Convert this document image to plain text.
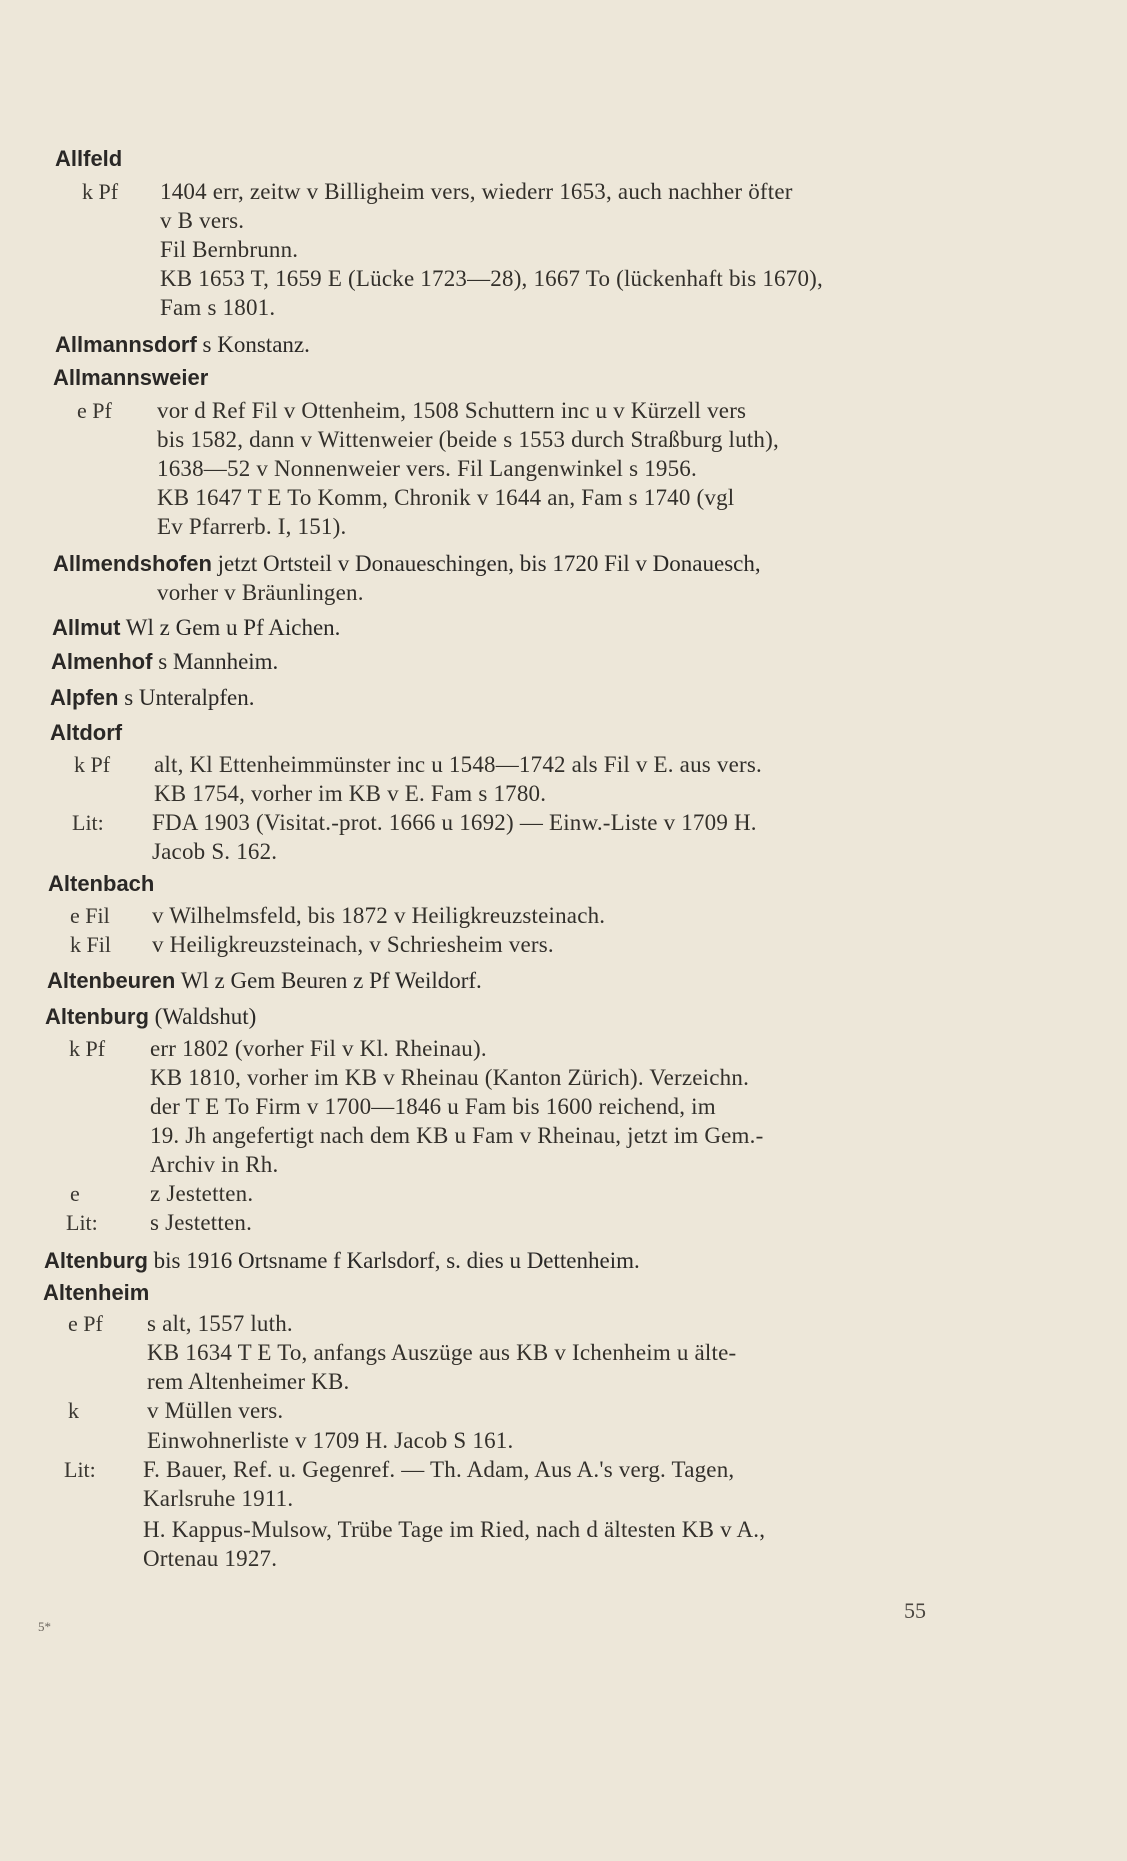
Allfeld
k Pf 1404 err, zeitw v Billigheim vers, wiederr 1653, auch nachher öfter
v B vers.
Fil Bernbrunn.
KB 1653 T, 1659 E (Lücke 1723—28), 1667 To (lückenhaft bis 1670),
Fam s 1801.
Allmannsdorf s Konstanz.
Allmannsweier
e Pf vor d Ref Fil v Ottenheim, 1508 Schuttern inc u v Kürzell vers
bis 1582, dann v Wittenweier (beide s 1553 durch Straßburg luth),
1638—52 v Nonnenweier vers. Fil Langenwinkel s 1956.
KB 1647 T E To Komm, Chronik v 1644 an, Fam s 1740 (vgl
Ev Pfarrerb. I, 151).
Allmendshofen jetzt Ortsteil v Donaueschingen, bis 1720 Fil v Donauesch,
vorher v Bräunlingen.
Allmut Wl z Gem u Pf Aichen.
Almenhof s Mannheim.
Alpfen s Unteralpfen.
Altdorf
k Pf alt, Kl Ettenheimmünster inc u 1548—1742 als Fil v E. aus vers.
KB 1754, vorher im KB v E. Fam s 1780.
Lit: FDA 1903 (Visitat.-prot. 1666 u 1692) — Einw.-Liste v 1709 H.
Jacob S. 162.
Altenbach
e Fil v Wilhelmsfeld, bis 1872 v Heiligkreuzsteinach.
k Fil v Heiligkreuzsteinach, v Schriesheim vers.
Altenbeuren Wl z Gem Beuren z Pf Weildorf.
Altenburg (Waldshut)
k Pf err 1802 (vorher Fil v Kl. Rheinau).
KB 1810, vorher im KB v Rheinau (Kanton Zürich). Verzeichn.
der T E To Firm v 1700—1846 u Fam bis 1600 reichend, im
19. Jh angefertigt nach dem KB u Fam v Rheinau, jetzt im Gem.-
Archiv in Rh.
e	z Jestetten.
Lit: s Jestetten.
Altenburg bis 1916 Ortsname f Karlsdorf, s. dies u Dettenheim.
Altenheim
e Pf s alt, 1557 luth.
KB 1634 T E To, anfangs Auszüge aus KB v Ichenheim u älte-
rem Altenheimer KB.
k	v Müllen vers.
Einwohnerliste v 1709 H. Jacob S 161.
Lit: F. Bauer, Ref. u. Gegenref. — Th. Adam, Aus A.'s verg. Tagen,
Karlsruhe 1911.
H. Kappus-Mulsow, Trübe Tage im Ried, nach d ältesten KB v A.,
Ortenau 1927.
55
5*
